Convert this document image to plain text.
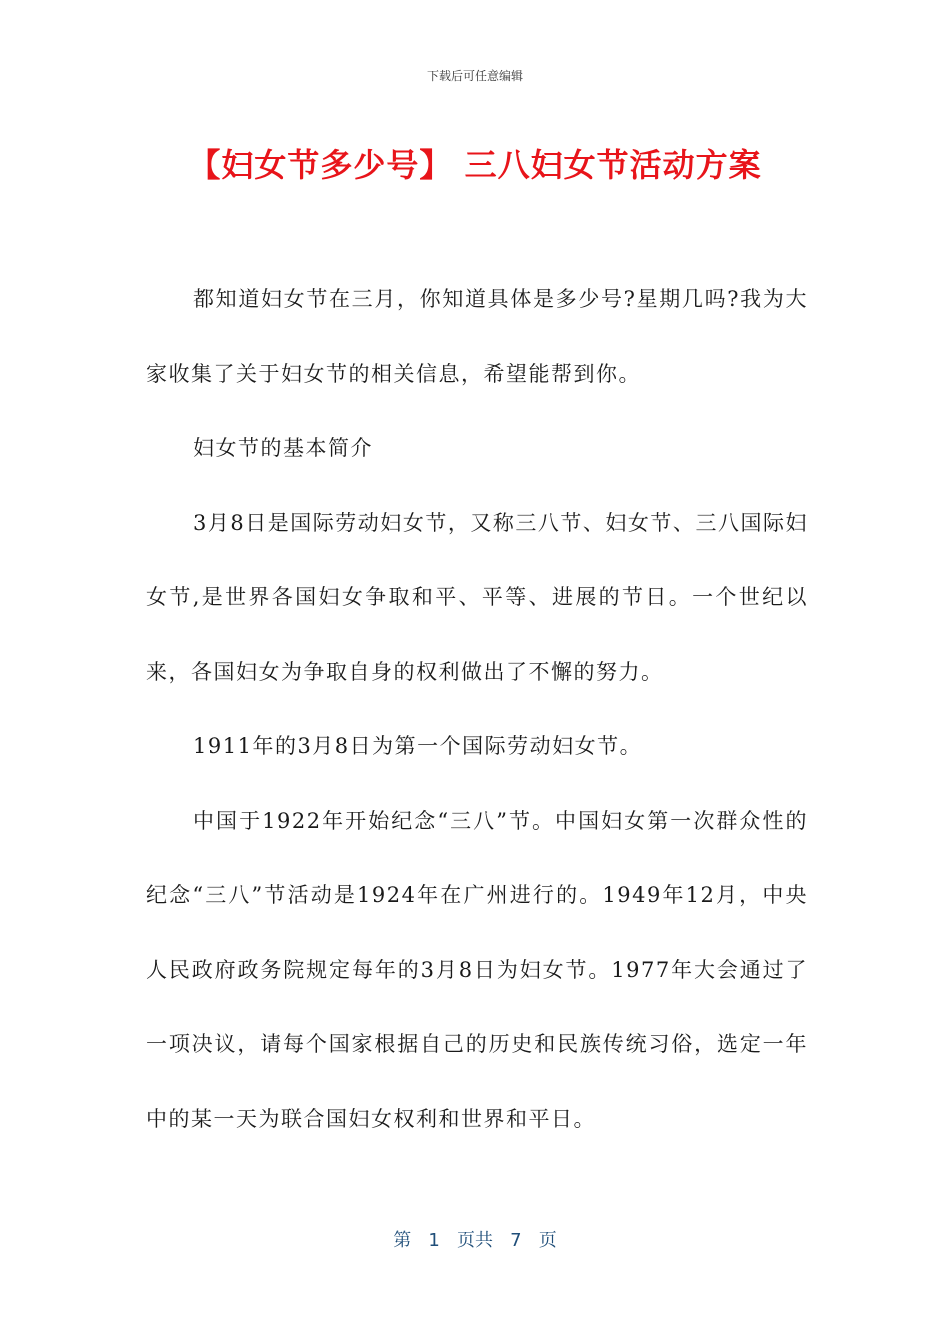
下载后可任意编辑
【妇女节多少号】 三八妇女节活动方案

都知道妇女节在三月，你知道具体是多少号?星期几吗?我为大家收集了关于妇女节的相关信息，希望能帮到你。

妇女节的基本简介

3月8日是国际劳动妇女节，又称三八节、妇女节、三八国际妇女节,是世界各国妇女争取和平、平等、进展的节日。一个世纪以来，各国妇女为争取自身的权利做出了不懈的努力。

1911年的3月8日为第一个国际劳动妇女节。

中国于1922年开始纪念“三八”节。中国妇女第一次群众性的纪念“三八”节活动是1924年在广州进行的。1949年12月，中央人民政府政务院规定每年的3月8日为妇女节。1977年大会通过了一项决议，请每个国家根据自己的历史和民族传统习俗，选定一年中的某一天为联合国妇女权利和世界和平日。

第 1 页共 7 页
